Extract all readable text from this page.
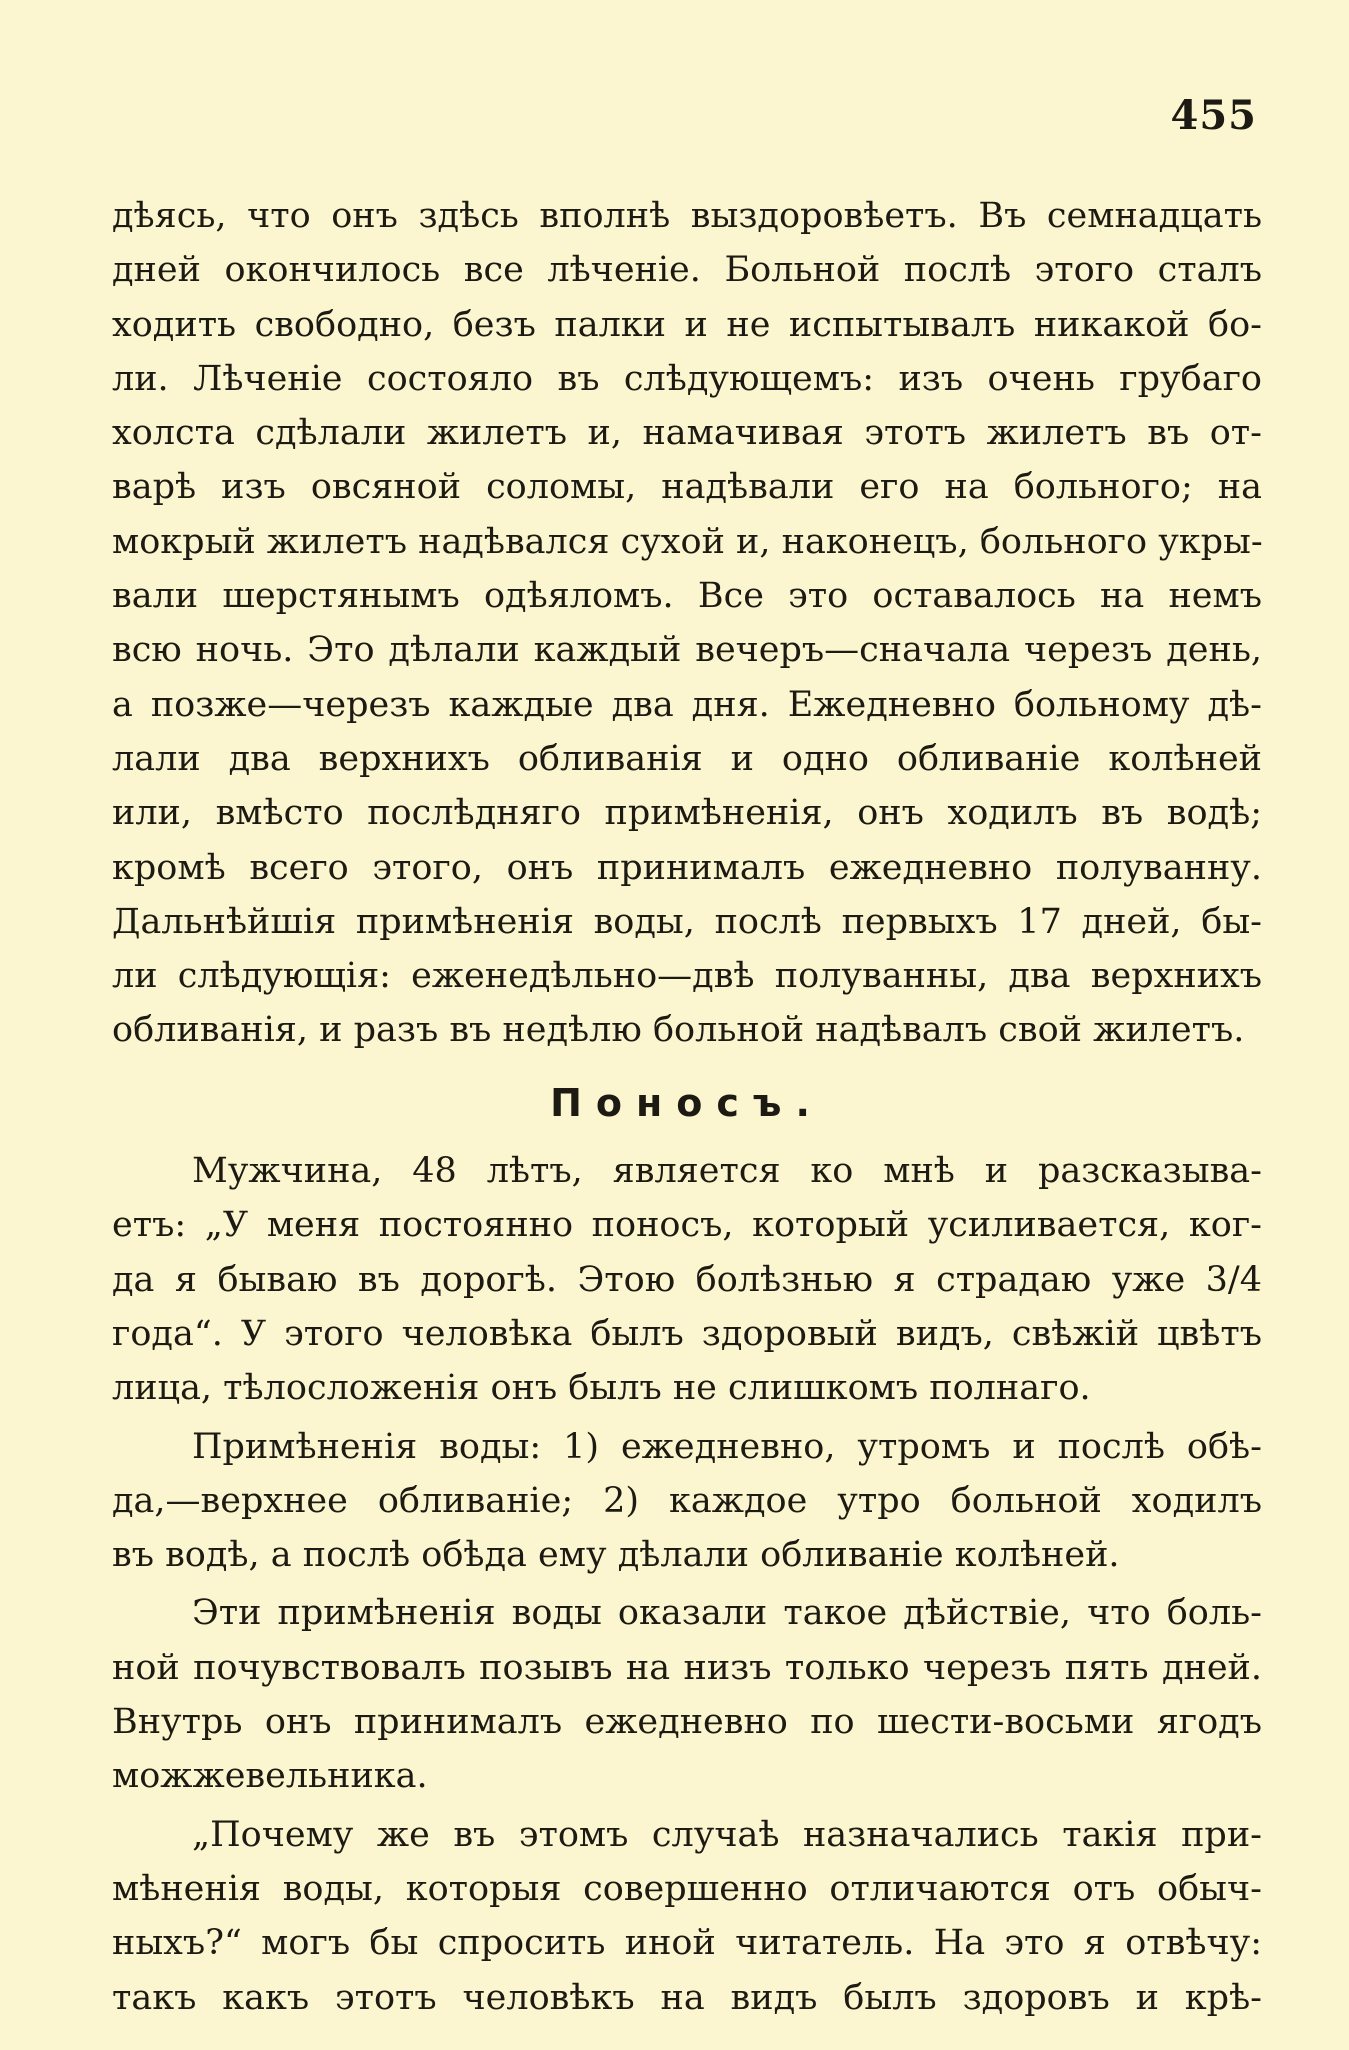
455
дѣясь, что онъ здѣсь вполнѣ выздоровѣетъ. Въ семнадцать
дней окончилось все лѣченіе. Больной послѣ этого сталъ
ходить свободно, безъ палки и не испытывалъ никакой бо-
ли. Лѣченіе состояло въ слѣдующемъ: изъ очень грубаго
холста сдѣлали жилетъ и, намачивая этотъ жилетъ въ от-
варѣ изъ овсяной соломы, надѣвали его на больного; на
мокрый жилетъ надѣвался сухой и, наконецъ, больного укры-
вали шерстянымъ одѣяломъ. Все это оставалось на немъ
всю ночь. Это дѣлали каждый вечеръ—сначала черезъ день,
а позже—черезъ каждые два дня. Ежедневно больному дѣ-
лали два верхнихъ обливанія и одно обливаніе колѣней
или, вмѣсто послѣдняго примѣненія, онъ ходилъ въ водѣ;
кромѣ всего этого, онъ принималъ ежедневно полуванну.
Дальнѣйшія примѣненія воды, послѣ первыхъ 17 дней, бы-
ли слѣдующія: еженедѣльно—двѣ полуванны, два верхнихъ
обливанія, и разъ въ недѣлю больной надѣвалъ свой жилетъ.
Поносъ.
Мужчина, 48 лѣтъ, является ко мнѣ и разсказыва-
етъ: „У меня постоянно поносъ, который усиливается, ког-
да я бываю въ дорогѣ. Этою болѣзнью я страдаю уже 3/4
года“. У этого человѣка былъ здоровый видъ, свѣжій цвѣтъ
лица, тѣлосложенія онъ былъ не слишкомъ полнаго.
Примѣненія воды: 1) ежедневно, утромъ и послѣ обѣ-
да,—верхнее обливаніе; 2) каждое утро больной ходилъ
въ водѣ, а послѣ обѣда ему дѣлали обливаніе колѣней.
Эти примѣненія воды оказали такое дѣйствіе, что боль-
ной почувствовалъ позывъ на низъ только черезъ пять дней.
Внутрь онъ принималъ ежедневно по шести-восьми ягодъ
можжевельника.
„Почему же въ этомъ случаѣ назначались такія при-
мѣненія воды, которыя совершенно отличаются отъ обыч-
ныхъ?“ могъ бы спросить иной читатель. На это я отвѣчу:
такъ какъ этотъ человѣкъ на видъ былъ здоровъ и крѣ-
